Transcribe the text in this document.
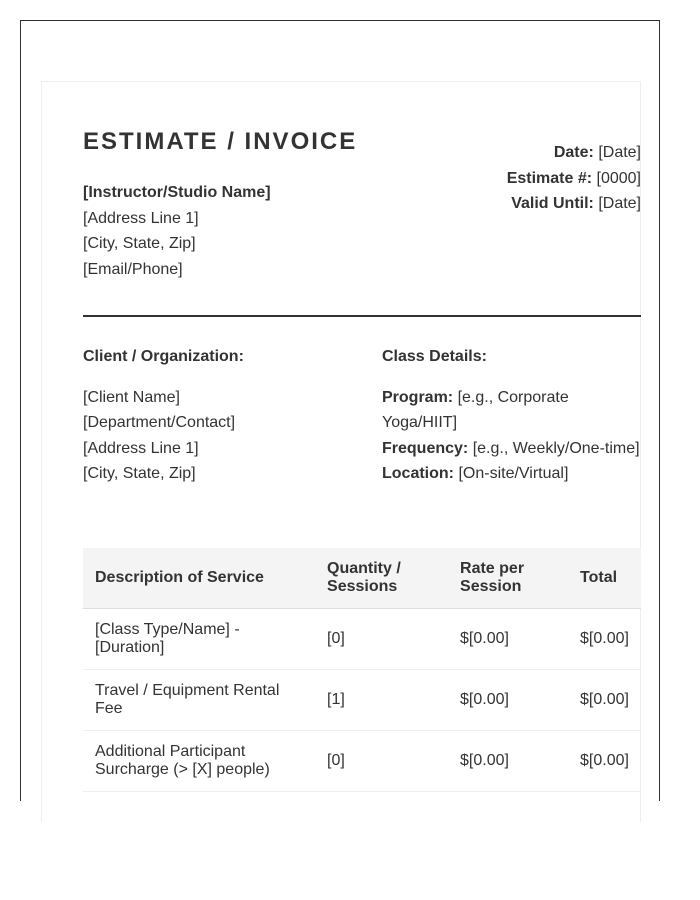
ESTIMATE / INVOICE
[Instructor/Studio Name]
[Address Line 1]
[City, State, Zip]
[Email/Phone]
Date: [Date]
Estimate #: [0000]
Valid Until: [Date]
Client / Organization:
[Client Name]
[Department/Contact]
[Address Line 1]
[City, State, Zip]
Class Details:
Program: [e.g., Corporate Yoga/HIIT]
Frequency: [e.g., Weekly/One-time]
Location: [On-site/Virtual]
Description of Service	Quantity / Sessions	Rate per Session	Total
[Class Type/Name] - [Duration]	[0]	$[0.00]	$[0.00]
Travel / Equipment Rental Fee	[1]	$[0.00]	$[0.00]
Additional Participant Surcharge (> [X] people)	[0]	$[0.00]	$[0.00]
